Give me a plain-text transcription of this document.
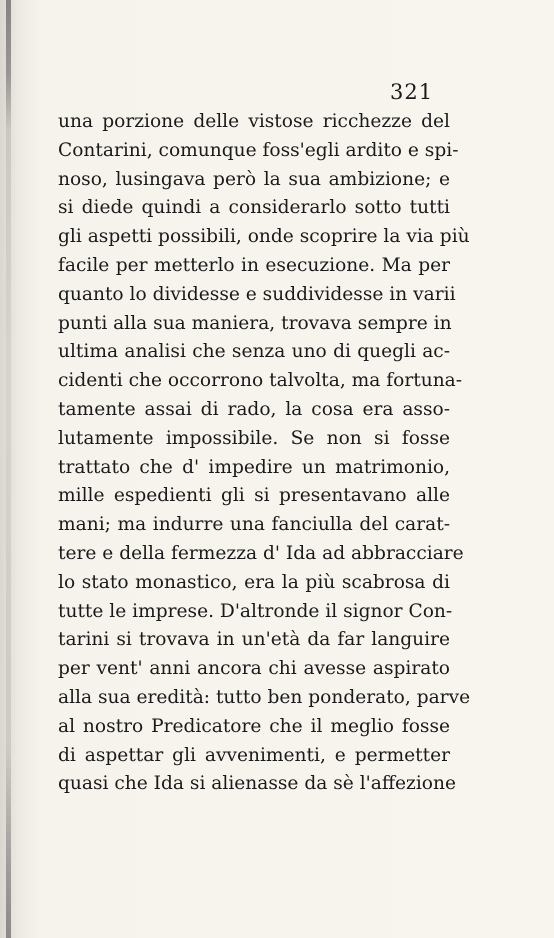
321
una porzione delle vistose ricchezze del
Contarini, comunque foss'egli ardito e spi-
noso, lusingava però la sua ambizione; e
si diede quindi a considerarlo sotto tutti
gli aspetti possibili, onde scoprire la via più
facile per metterlo in esecuzione. Ma per
quanto lo dividesse e suddividesse in varii
punti alla sua maniera, trovava sempre in
ultima analisi che senza uno di quegli ac-
cidenti che occorrono talvolta, ma fortuna-
tamente assai di rado, la cosa era asso-
lutamente impossibile. Se non si fosse
trattato che d' impedire un matrimonio,
mille espedienti gli si presentavano alle
mani; ma indurre una fanciulla del carat-
tere e della fermezza d' Ida ad abbracciare
lo stato monastico, era la più scabrosa di
tutte le imprese. D'altronde il signor Con-
tarini si trovava in un'età da far languire
per vent' anni ancora chi avesse aspirato
alla sua eredità: tutto ben ponderato, parve
al nostro Predicatore che il meglio fosse
di aspettar gli avvenimenti, e permetter
quasi che Ida si alienasse da sè l'affezione
